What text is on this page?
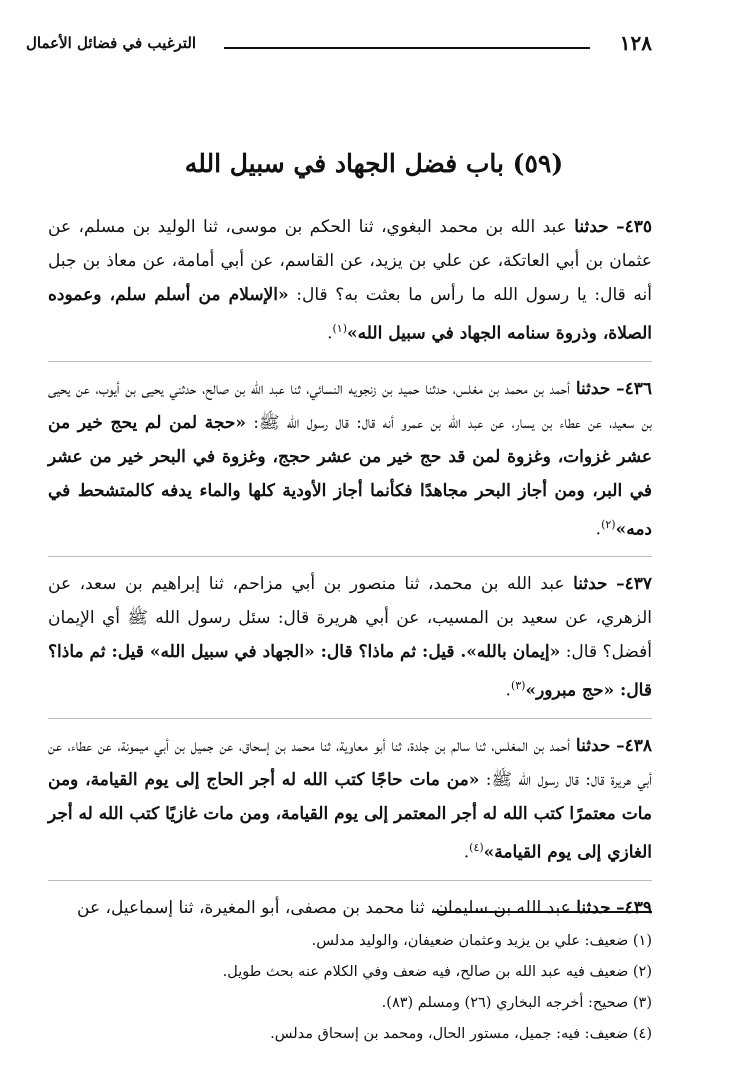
١٢٨
الترغيب في فضائل الأعمال
(٥٩) باب فضل الجهاد في سبيل الله

٤٣٥– حدثنا عبد الله بن محمد البغوي، ثنا الحكم بن موسى، ثنا الوليد بن مسلم، عن عثمان بن أبي العاتكة، عن علي بن يزيد، عن القاسم، عن أبي أمامة، عن معاذ بن جبل أنه قال: يا رسول الله ما رأس ما بعثت به؟ قال: «الإسلام من أسلم سلم، وعموده الصلاة، وذروة سنامه الجهاد في سبيل الله»$^{(١)}$.

٤٣٦– حدثنا أحمد بن محمد بن مغلس، حدثنا حميد بن زنجويه النسائي، ثنا عبد الله بن صالح، حدثني يحيى بن أيوب، عن يحيى بن سعيد، عن عطاء بن يسار، عن عبد الله بن عمرو أنه قال: قال رسول الله ﷺ: «حجة لمن لم يحج خير من عشر غزوات، وغزوة لمن قد حج خير من عشر حجج، وغزوة في البحر خير من عشر في البر، ومن أجاز البحر مجاهدًا فكأنما أجاز الأودية كلها والماء يدفه كالمتشحط في دمه»$^{(٢)}$.

٤٣٧– حدثنا عبد الله بن محمد، ثنا منصور بن أبي مزاحم، ثنا إبراهيم بن سعد، عن الزهري، عن سعيد بن المسيب، عن أبي هريرة قال: سئل رسول الله ﷺ أي الإيمان أفضل؟ قال: «إيمان بالله». قيل: ثم ماذا؟ قال: «الجهاد في سبيل الله» قيل: ثم ماذا؟ قال: «حج مبرور»$^{(٣)}$.

٤٣٨– حدثنا أحمد بن المغلس، ثنا سالم بن جلدة، ثنا أبو معاوية، ثنا محمد بن إسحاق، عن جميل بن أبي ميمونة، عن عطاء، عن أبي هريرة قال: قال رسول الله ﷺ: «من مات حاجًا كتب الله له أجر الحاج إلى يوم القيامة، ومن مات معتمرًا كتب الله له أجر المعتمر إلى يوم القيامة، ومن مات غازيًا كتب الله له أجر الغازي إلى يوم القيامة»$^{(٤)}$.

٤٣٩– حدثنا عبد الله بن سليمان، ثنا محمد بن مصفى، أبو المغيرة، ثنا إسماعيل، عن

(١) ضعيف: علي بن يزيد وعثمان ضعيفان، والوليد مدلس.
(٢) ضعيف فيه عبد الله بن صالح، فيه ضعف وفي الكلام عنه بحث طويل.
(٣) صحيح: أخرجه البخاري (٢٦) ومسلم (٨٣).
(٤) ضعيف: فيه: جميل، مستور الحال، ومحمد بن إسحاق مدلس.
